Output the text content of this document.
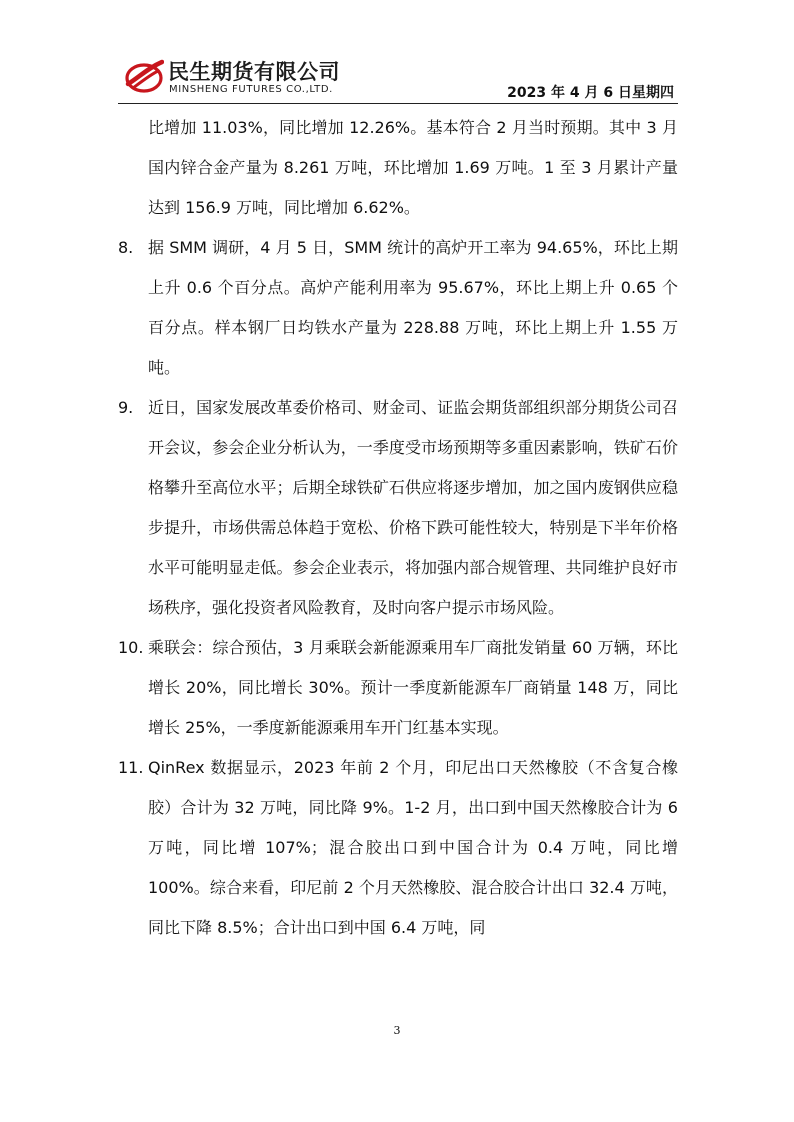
民生期货有限公司
MINSHENG FUTURES CO.,LTD.	2023 年 4 月 6 日星期四
比增加 11.03%，同比增加 12.26%。基本符合 2 月当时预期。其中 3 月国内锌合金产量为 8.261 万吨，环比增加 1.69 万吨。1 至 3 月累计产量达到 156.9 万吨，同比增加 6.62%。
8. 据 SMM 调研，4 月 5 日，SMM 统计的高炉开工率为 94.65%，环比上期上升 0.6 个百分点。高炉产能利用率为 95.67%，环比上期上升 0.65 个百分点。样本钢厂日均铁水产量为 228.88 万吨，环比上期上升 1.55 万吨。
9. 近日，国家发展改革委价格司、财金司、证监会期货部组织部分期货公司召开会议，参会企业分析认为，一季度受市场预期等多重因素影响，铁矿石价格攀升至高位水平；后期全球铁矿石供应将逐步增加，加之国内废钢供应稳步提升，市场供需总体趋于宽松、价格下跌可能性较大，特别是下半年价格水平可能明显走低。参会企业表示，将加强内部合规管理、共同维护良好市场秩序，强化投资者风险教育，及时向客户提示市场风险。
10. 乘联会：综合预估，3 月乘联会新能源乘用车厂商批发销量 60 万辆，环比增长 20%，同比增长 30%。预计一季度新能源车厂商销量 148 万，同比增长 25%，一季度新能源乘用车开门红基本实现。
11. QinRex 数据显示，2023 年前 2 个月，印尼出口天然橡胶（不含复合橡胶）合计为 32 万吨，同比降 9%。1-2 月，出口到中国天然橡胶合计为 6 万吨，同比增 107%；混合胶出口到中国合计为 0.4 万吨，同比增 100%。综合来看，印尼前 2 个月天然橡胶、混合胶合计出口 32.4 万吨，同比下降 8.5%；合计出口到中国 6.4 万吨，同
3
